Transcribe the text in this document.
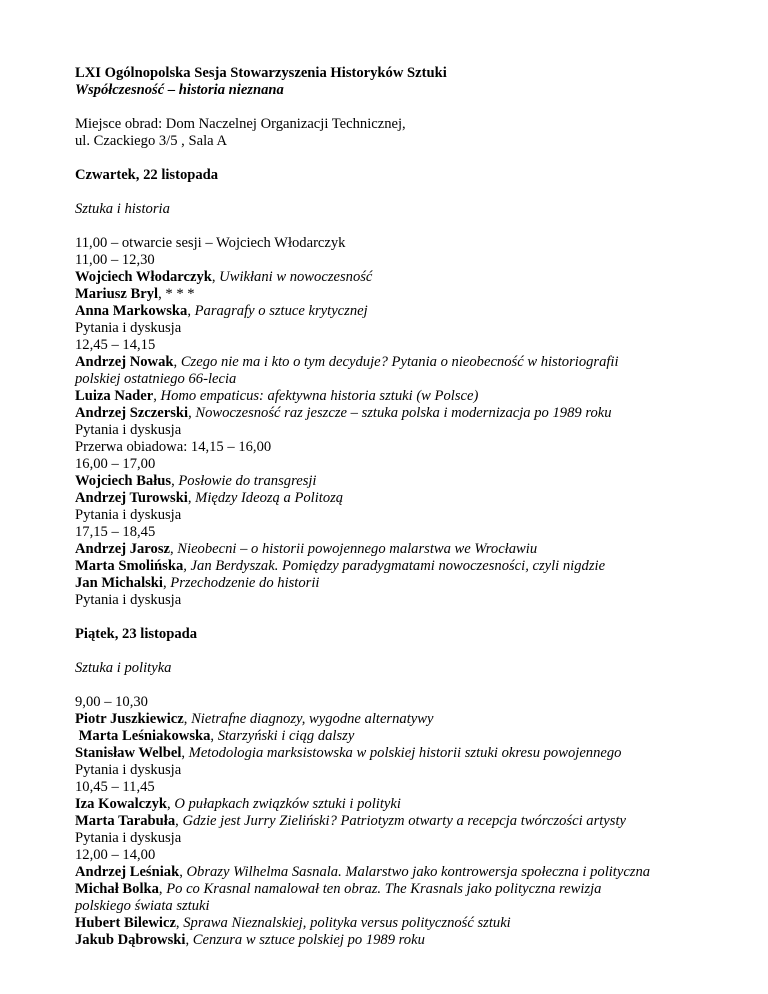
LXI Ogólnopolska Sesja Stowarzyszenia Historyków Sztuki
Współczesność – historia nieznana
Miejsce obrad: Dom Naczelnej Organizacji Technicznej,
ul. Czackiego 3/5 , Sala A
Czwartek, 22 listopada
Sztuka i historia
11,00 – otwarcie sesji – Wojciech Włodarczyk
11,00 – 12,30
Wojciech Włodarczyk, Uwikłani w nowoczesność
Mariusz Bryl, * * *
Anna Markowska, Paragrafy o sztuce krytycznej
Pytania i dyskusja
12,45 – 14,15
Andrzej Nowak, Czego nie ma i kto o tym decyduje? Pytania o nieobecność w historiografii
polskiej ostatniego 66-lecia
Luiza Nader, Homo empaticus: afektywna historia sztuki (w Polsce)
Andrzej Szczerski, Nowoczesność raz jeszcze – sztuka polska i modernizacja po 1989 roku
Pytania i dyskusja
Przerwa obiadowa: 14,15 – 16,00
16,00 – 17,00
Wojciech Bałus, Posłowie do transgresji
Andrzej Turowski, Między Ideozą a Politozą
Pytania i dyskusja
17,15 – 18,45
Andrzej Jarosz, Nieobecni – o historii powojennego malarstwa we Wrocławiu
Marta Smolińska, Jan Berdyszak. Pomiędzy paradygmatami nowoczesności, czyli nigdzie
Jan Michalski, Przechodzenie do historii
Pytania i dyskusja
Piątek, 23 listopada
Sztuka i polityka
9,00 – 10,30
Piotr Juszkiewicz, Nietrafne diagnozy, wygodne alternatywy
Marta Leśniakowska, Starzyński i ciąg dalszy
Stanisław Welbel, Metodologia marksistowska w polskiej historii sztuki okresu powojennego
Pytania i dyskusja
10,45 – 11,45
Iza Kowalczyk, O pułapkach związków sztuki i polityki
Marta Tarabuła, Gdzie jest Jurry Zieliński? Patriotyzm otwarty a recepcja twórczości artysty
Pytania i dyskusja
12,00 – 14,00
Andrzej Leśniak, Obrazy Wilhelma Sasnala. Malarstwo jako kontrowersja społeczna i polityczna
Michał Bolka, Po co Krasnal namalował ten obraz. The Krasnals jako polityczna rewizja
polskiego świata sztuki
Hubert Bilewicz, Sprawa Nieznalskiej, polityka versus polityczność sztuki
Jakub Dąbrowski, Cenzura w sztuce polskiej po 1989 roku
